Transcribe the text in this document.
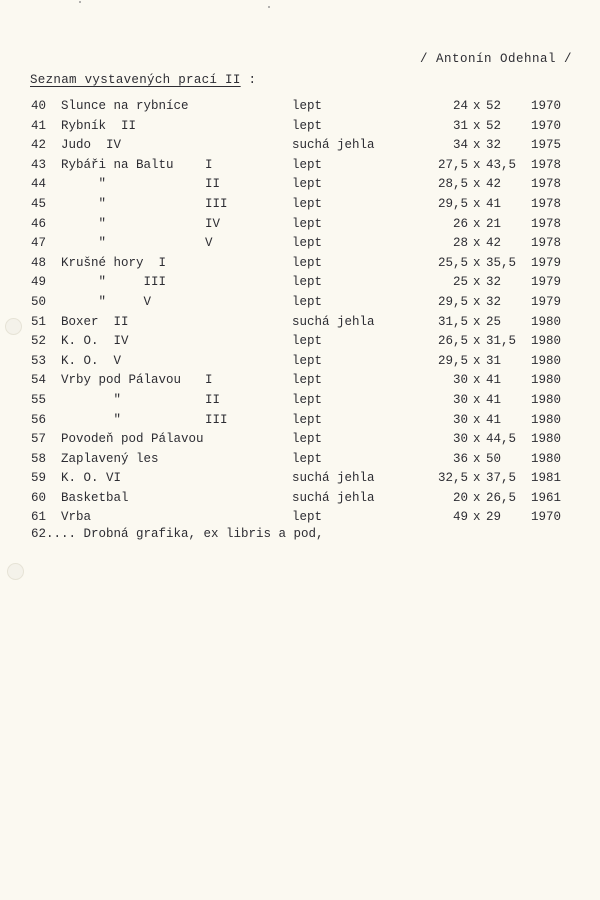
/ Antonín Odehnal /
Seznam vystavených prací II :
40 Slunce na rybníce	lept	24 x 52 1970
41 Rybník  II	lept	31 x 52 1970
42 Judo  IV	suchá jehla	34 x 32 1975
43 Rybáři na Baltu	I	lept	27,5 x 43,5 1978
44 "	II	lept	28,5 x 42 1978
45 "	III	lept	29,5 x 41 1978
46 "	IV	lept	26 x 21 1978
47 "	V	lept	28 x 42 1978
48 Krušné hory  I	lept	25,5 x 35,5 1979
49 "     III	lept	25 x 32 1979
50 "     V	lept	29,5 x 32 1979
51 Boxer  II	suchá jehla	31,5 x 25 1980
52 K. O.  IV	lept	26,5 x 31,5 1980
53 K. O.  V	lept	29,5 x 31 1980
54 Vrby pod Pálavou I	lept	30 x 41 1980
55 "	II	lept	30 x 41 1980
56 "	III	lept	30 x 41 1980
57 Povodeň pod Pálavou	lept	30 x 44,5 1980
58 Zaplavený les	lept	36 x 50 1980
59 K. O. VI	suchá jehla	32,5 x 37,5 1981
60 Basketbal	suchá jehla	20 x 26,5 1961
61 Vrba	lept	49 x 29 1970
62.... Drobná grafika, ex libris a pod,
